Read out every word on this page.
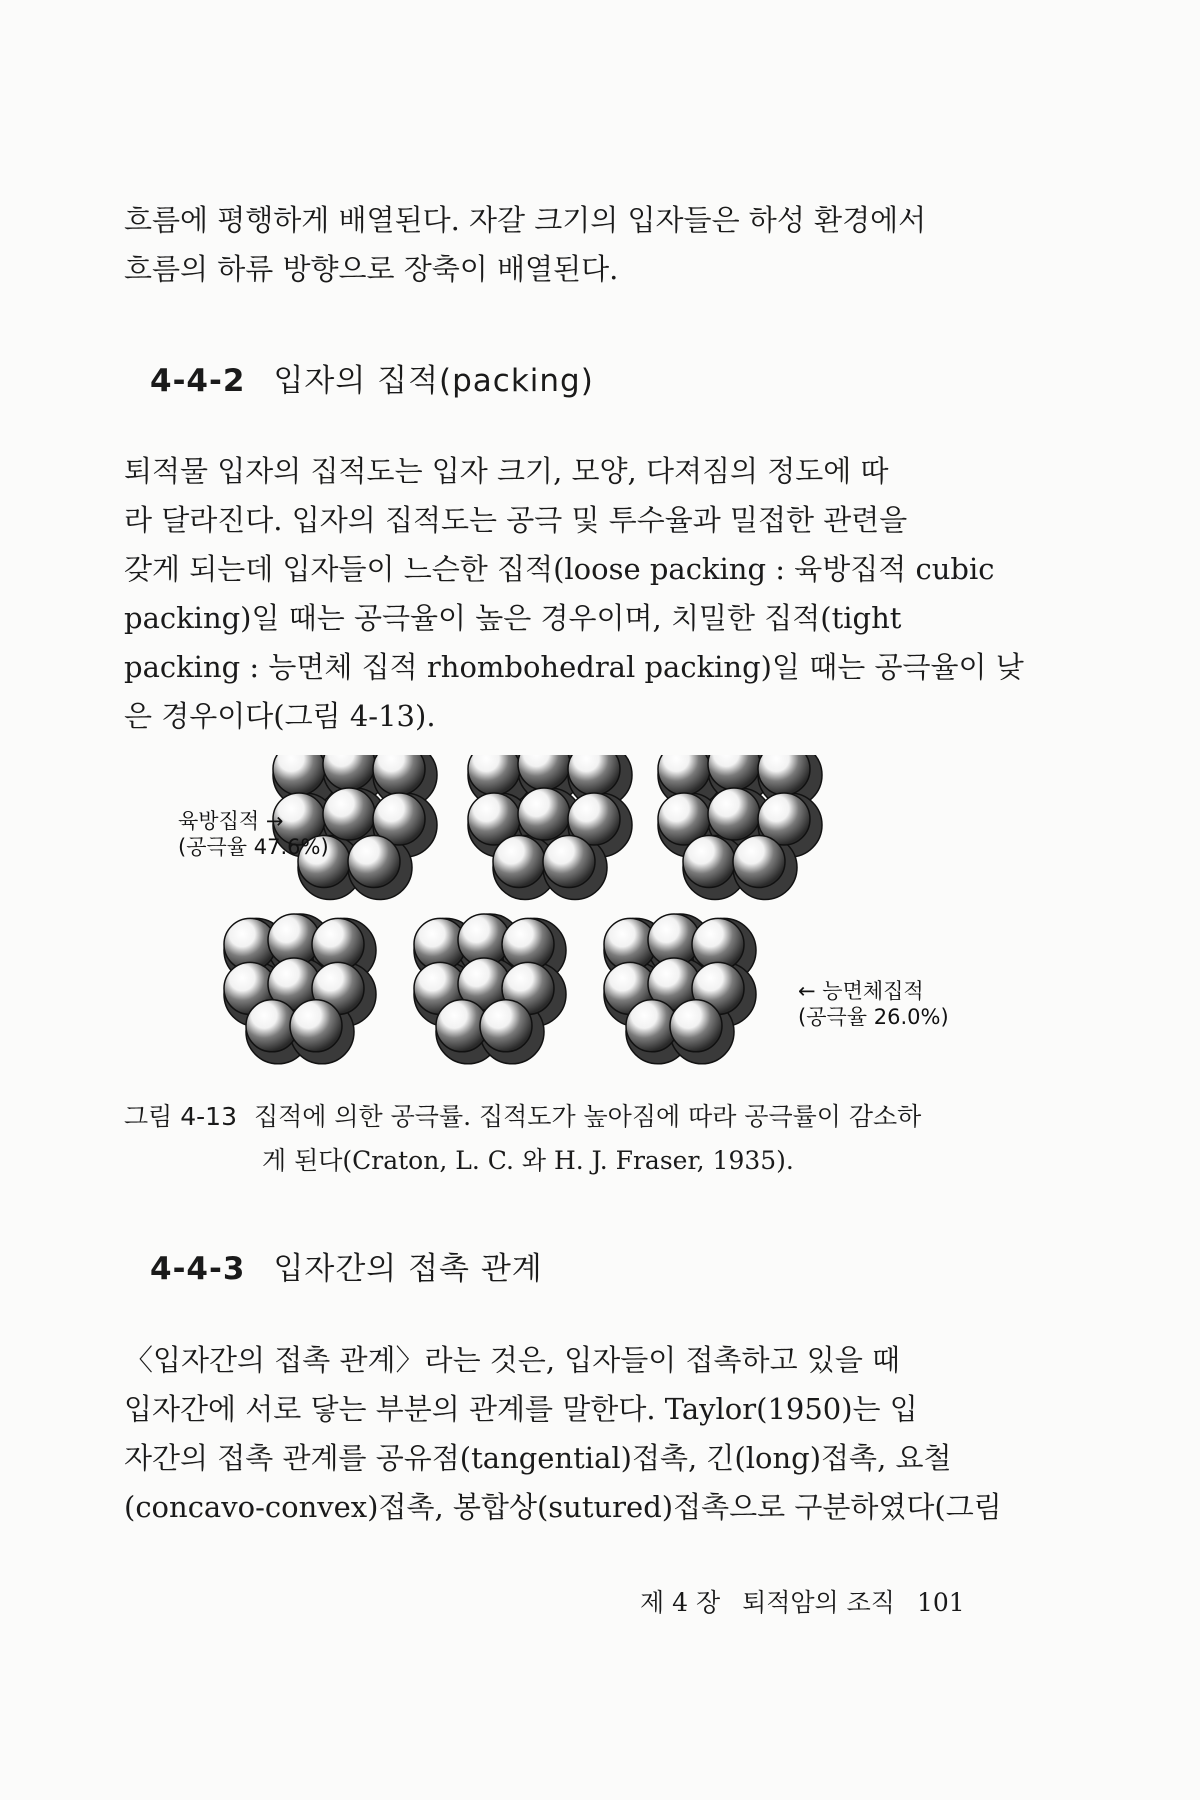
흐름에 평행하게 배열된다. 자갈 크기의 입자들은 하성 환경에서
흐름의 하류 방향으로 장축이 배열된다.
4-4-2 입자의 집적(packing)
퇴적물 입자의 집적도는 입자 크기, 모양, 다져짐의 정도에 따
라 달라진다. 입자의 집적도는 공극 및 투수율과 밀접한 관련을
갖게 되는데 입자들이 느슨한 집적(loose packing : 육방집적 cubic
packing)일 때는 공극율이 높은 경우이며, 치밀한 집적(tight
packing : 능면체 집적 rhombohedral packing)일 때는 공극율이 낮
은 경우이다(그림 4-13).
육방집적 →
(공극율 47.6%)
← 능면체집적
(공극율 26.0%)
그림 4-13 집적에 의한 공극률. 집적도가 높아짐에 따라 공극률이 감소하
게 된다(Craton, L. C. 와 H. J. Fraser, 1935).
4-4-3 입자간의 접촉 관계
〈입자간의 접촉 관계〉라는 것은, 입자들이 접촉하고 있을 때
입자간에 서로 닿는 부분의 관계를 말한다. Taylor(1950)는 입
자간의 접촉 관계를 공유점(tangential)접촉, 긴(long)접촉, 요철
(concavo-convex)접촉, 봉합상(sutured)접촉으로 구분하였다(그림
제 4 장 퇴적암의 조직 101
